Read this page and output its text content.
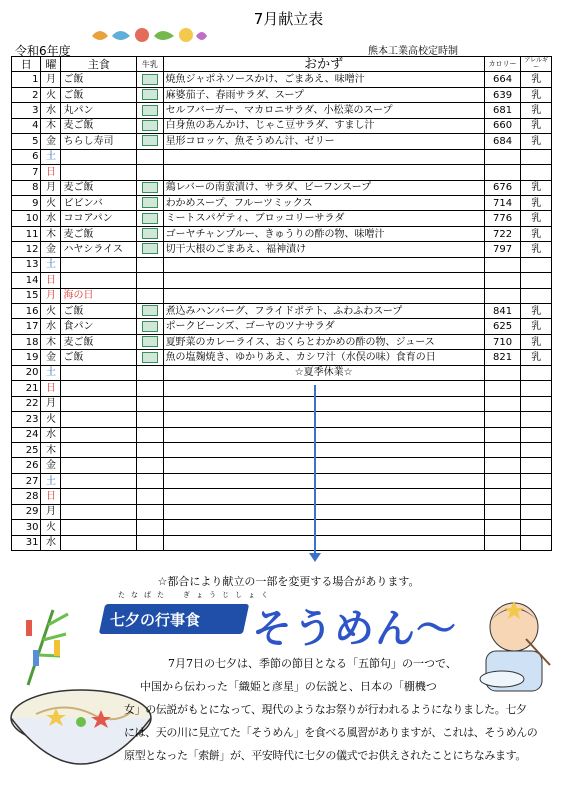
7月献立表
令和6年度	熊本工業高校定時制
日	曜	主食	牛乳	おかず	カロリー	アレルギー
1	月	ご飯		焼魚ジャポネソースかけ、ごまあえ、味噌汁	664	乳
2	火	ご飯		麻婆茄子、春雨サラダ、スープ	639	乳
3	水	丸パン		セルフバーガー、マカロニサラダ、小松菜のスープ	681	乳
4	木	麦ご飯		白身魚のあんかけ、じゃこ豆サラダ、すまし汁	660	乳
5	金	ちらし寿司		星形コロッケ、魚そうめん汁、ゼリー	684	乳
6	土					
7	日					
8	月	麦ご飯		鶏レバーの南蛮漬け、サラダ、ビーフンスープ	676	乳
9	火	ビビンバ		わかめスープ、フルーツミックス	714	乳
10	水	ココアパン		ミートスパゲティ、ブロッコリーサラダ	776	乳
11	木	麦ご飯		ゴーヤチャンプルー、きゅうりの酢の物、味噌汁	722	乳
12	金	ハヤシライス		切干大根のごまあえ、福神漬け	797	乳
13	土					
14	日					
15	月	海の日				
16	火	ご飯		煮込みハンバーグ、フライドポテト、ふわふわスープ	841	乳
17	水	食パン		ポークビーンズ、ゴーヤのツナサラダ	625	乳
18	木	麦ご飯		夏野菜のカレーライス、おくらとわかめの酢の物、ジュース	710	乳
19	金	ご飯		魚の塩麹焼き、ゆかりあえ、カシワ汁（水俣の味）食育の日	821	乳
20	土			☆夏季休業☆		
21	日					
22	月					
23	火					
24	水					
25	木					
26	金					
27	土					
28	日					
29	月					
30	火					
31	水					
☆都合により献立の一部を変更する場合があります。
たなばた　ぎょうじしょく
七夕の行事食 そうめん～
7月7日の七夕は、季節の節目となる「五節句」の一つで、
中国から伝わった「織姫と彦星」の伝説と、日本の「棚機つ
女」の伝説がもとになって、現代のようなお祭りが行われるようになりました。七夕
には、天の川に見立てた「そうめん」を食べる風習がありますが、これは、そうめんの
原型となった「索餅」が、平安時代に七夕の儀式でお供えされたことにちなみます。
